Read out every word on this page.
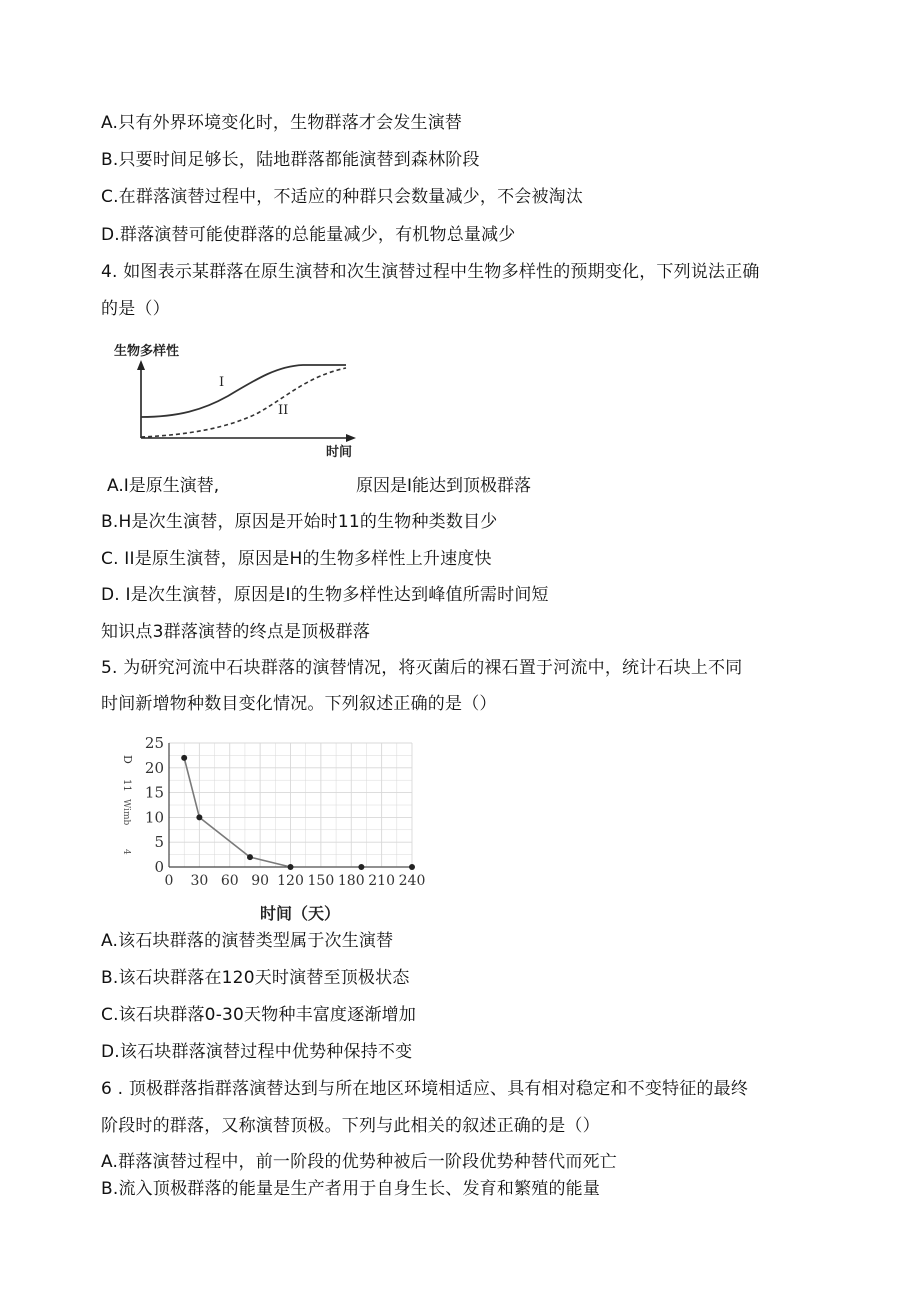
A.只有外界环境变化时，生物群落才会发生演替
B.只要时间足够长，陆地群落都能演替到森林阶段
C.在群落演替过程中，不适应的种群只会数量减少，不会被淘汰
D.群落演替可能使群落的总能量减少，有机物总量减少
4. 如图表示某群落在原生演替和次生演替过程中生物多样性的预期变化，下列说法正确
的是（）
生物多样性
I
II
时间
A.I是原生演替,	原因是I能达到顶极群落
B.H是次生演替，原因是开始时11的生物种类数目少
C. II是原生演替，原因是H的生物多样性上升速度快
D. I是次生演替，原因是I的生物多样性达到峰值所需时间短
知识点3群落演替的终点是顶极群落
5. 为研究河流中石块群落的演替情况，将灭菌后的裸石置于河流中，统计石块上不同
时间新增物种数目变化情况。下列叙述正确的是（）
D
11
Wimb
4
0
5
10
15
20
25
0 30 60 90 120 150 180 210 240
时间（天）
A.该石块群落的演替类型属于次生演替
B.该石块群落在120天时演替至顶极状态
C.该石块群落0-30天物种丰富度逐渐增加
D.该石块群落演替过程中优势种保持不变
6 . 顶极群落指群落演替达到与所在地区环境相适应、具有相对稳定和不变特征的最终
阶段时的群落，又称演替顶极。下列与此相关的叙述正确的是（）
A.群落演替过程中，前一阶段的优势种被后一阶段优势种替代而死亡
B.流入顶极群落的能量是生产者用于自身生长、发育和繁殖的能量
